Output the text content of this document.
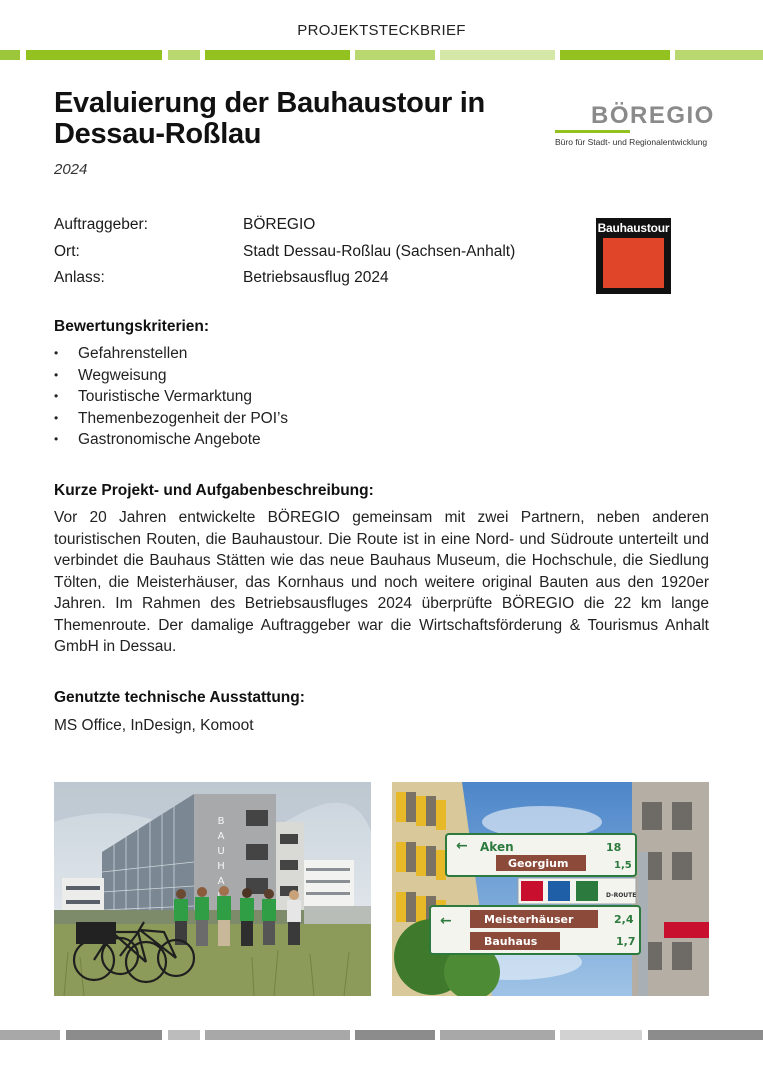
PROJEKTSTECKBRIEF
Evaluierung der Bauhaustour in Dessau-Roßlau
2024
BÖREGIO
Büro für Stadt- und Regionalentwicklung
Auftraggeber:	BÖREGIO
Ort:	Stadt Dessau-Roßlau (Sachsen-Anhalt)
Anlass:	Betriebsausflug 2024
Bauhaustour
Bewertungskriterien:
• Gefahrenstellen
• Wegweisung
• Touristische Vermarktung
• Themenbezogenheit der POI’s
• Gastronomische Angebote
Kurze Projekt- und Aufgabenbeschreibung:
Vor 20 Jahren entwickelte BÖREGIO gemeinsam mit zwei Partnern, neben anderen touristischen Routen, die Bauhaustour. Die Route ist in eine Nord- und Südroute unterteilt und verbindet die Bauhaus Stätten wie das neue Bauhaus Museum, die Hochschule, die Siedlung Tölten, die Meisterhäuser, das Kornhaus und noch weitere original Bauten aus den 1920er Jahren. Im Rahmen des Betriebsausfluges 2024 überprüfte BÖREGIO die 22 km lange Themenroute. Der damalige Auftraggeber war die Wirtschaftsförderung & Tourismus Anhalt GmbH in Dessau.
Genutzte technische Ausstattung:
MS Office, InDesign, Komoot
B
A
U
H
A
← Aken	18
Georgium	1,5
D-ROUTE
←	Meisterhäuser	2,4
Bauhaus	1,7
